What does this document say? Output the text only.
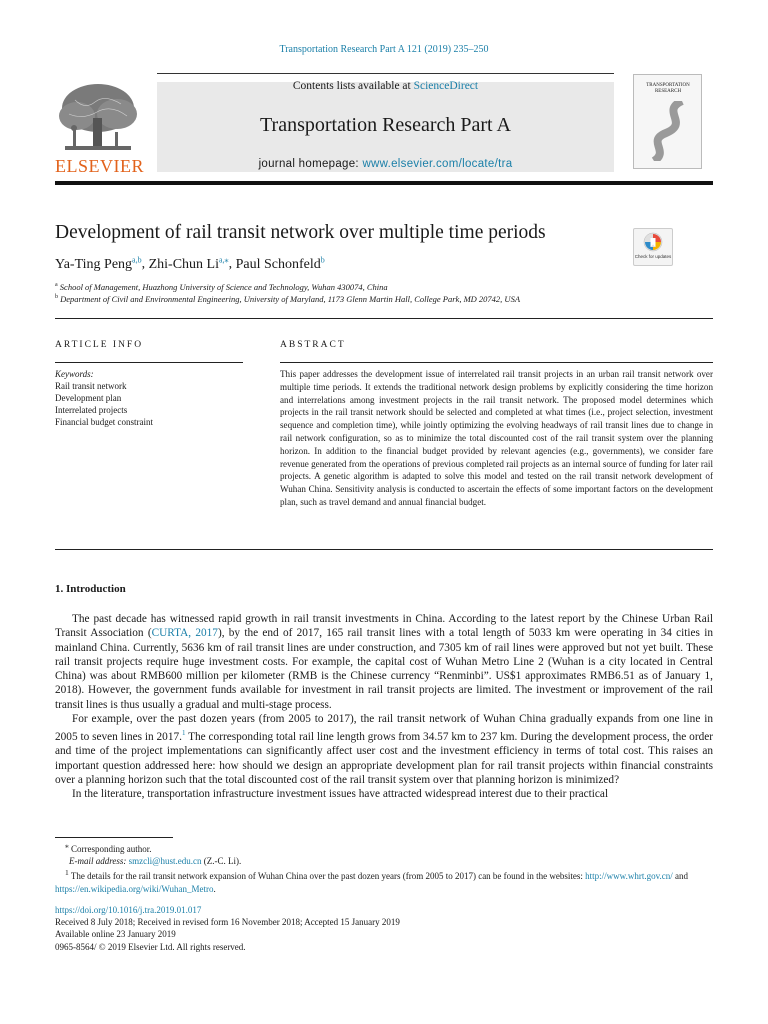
Transportation Research Part A 121 (2019) 235–250
ELSEVIER
Contents lists available at ScienceDirect
Transportation Research Part A
journal homepage: www.elsevier.com/locate/tra
TRANSPORTATION RESEARCH
Development of rail transit network over multiple time periods
Check for updates
Ya-Ting Peng$^{a,b}$, Zhi-Chun $Li^{a,⁎}$, Paul Schonfeld$^b$
$^a$ School of Management, Huazhong University of Science and Technology, Wuhan 430074, China
$^b$ Department of Civil and Environmental Engineering, University of Maryland, 1173 Glenn Martin Hall, College Park, MD 20742, USA
ARTICLE INFO
Keywords:
Rail transit network
Development plan
Interrelated projects
Financial budget constraint
ABSTRACT
This paper addresses the development issue of interrelated rail transit projects in an urban rail transit network over multiple time periods. It extends the traditional network design problems by explicitly considering the time horizon and interrelations among investment projects in the rail transit network. The proposed model determines which projects in the rail transit network should be selected and completed at what times (i.e., project selection, investment sequence and completion time), while jointly optimizing the evolving headways of rail transit lines due to change in rail network configuration, so as to minimize the total discounted cost of the rail transit system over the planning horizon. In addition to the financial budget provided by relevant agencies (e.g., governments), we consider fare revenue generated from the operations of previous completed rail projects as an internal source of funding for later rail projects. A genetic algorithm is adapted to solve this model and tested on the rail transit network development of Wuhan China. Sensitivity analysis is conducted to ascertain the effects of some important factors on the development plan, such as travel demand and annual financial budget.
1. Introduction

The past decade has witnessed rapid growth in rail transit investments in China. According to the latest report by the Chinese Urban Rail Transit Association (CURTA, 2017), by the end of 2017, 165 rail transit lines with a total length of 5033 km were operating in 34 cities in mainland China. Currently, 5636 km of rail transit lines are under construction, and 7305 km of rail lines were approved but not yet built. These rail transit projects require huge investment costs. For example, the capital cost of Wuhan Metro Line 2 (Wuhan is a city located in Central China) was about RMB600 million per kilometer (RMB is the Chinese currency “Renminbi”. US$1 approximates RMB6.51 as of January 1, 2018). However, the government funds available for investment in rail transit projects are limited. The investment or improvement of the rail transit lines is thus usually a gradual and multi-stage process.

For example, over the past dozen years (from 2005 to 2017), the rail transit network of Wuhan China gradually expands from one line in 2005 to seven lines in 2017.$^1$ The corresponding total rail line length grows from 34.57 km to 237 km. During the development process, the order and time of the project implementations can significantly affect user cost and the investment efficiency in terms of total cost. This raises an important question addressed here: how should we design an appropriate development plan for rail transit projects within financial constraints over a planning horizon such that the total discounted cost of the rail transit system over that planning horizon is minimized?

In the literature, transportation infrastructure investment issues have attracted widespread interest due to their practical

⁎ Corresponding author.
E-mail address: smzcli@hust.edu.cn (Z.-C. Li).
$^1$ The details for the rail transit network expansion of Wuhan China over the past dozen years (from 2005 to 2017) can be found in the websites: http://www.whrt.gov.cn/ and https://en.wikipedia.org/wiki/Wuhan_Metro.
https://doi.org/10.1016/j.tra.2019.01.017
Received 8 July 2018; Received in revised form 16 November 2018; Accepted 15 January 2019
Available online 23 January 2019
0965-8564/ © 2019 Elsevier Ltd. All rights reserved.
